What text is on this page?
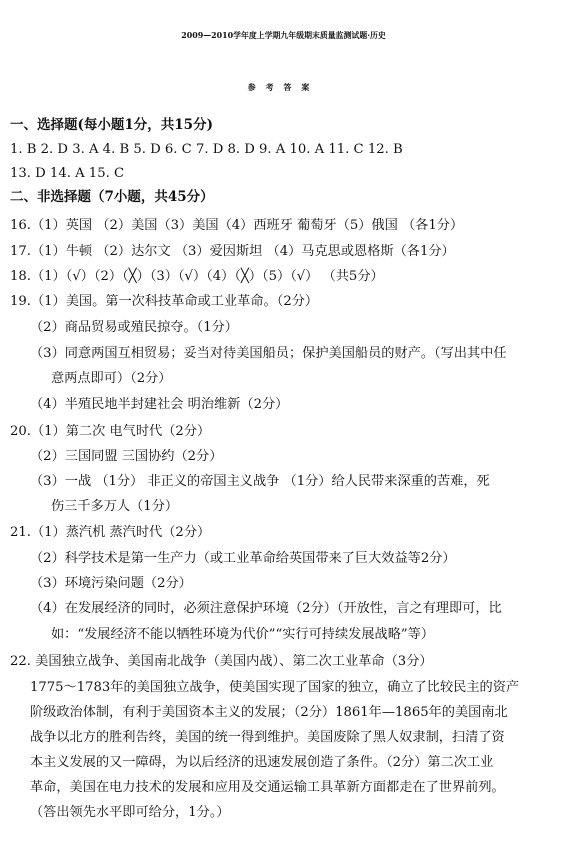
2009—2010学年度上学期九年级期末质量监测试题·历史
参考答案
一、选择题(每小题1分，共15分)
1. B 2. D 3. A 4. B 5. D 6. C 7. D 8. D 9. A 10. A 11. C 12. B
13. D 14. A 15. C
二、非选择题（7小题，共45分）
16.（1）英国 （2）美国（3）美国（4）西班牙 葡萄牙（5）俄国 （各1分）
17.（1）牛顿 （2）达尔文 （3）爱因斯坦 （4）马克思或恩格斯（各1分）
18.（1）（√）（2）（╳）（3）（√）（4）（╳）（5）（√） （共5分）
19.（1）美国。第一次科技革命或工业革命。（2分）
（2）商品贸易或殖民掠夺。（1分）
（3）同意两国互相贸易；妥当对待美国船员；保护美国船员的财产。（写出其中任
意两点即可）（2分）
（4）半殖民地半封建社会 明治维新（2分）
20.（1）第二次 电气时代（2分）
（2）三国同盟 三国协约（2分）
（3）一战 （1分） 非正义的帝国主义战争 （1分）给人民带来深重的苦难，死
伤三千多万人（1分）
21.（1）蒸汽机 蒸汽时代（2分）
（2）科学技术是第一生产力（或工业革命给英国带来了巨大效益等2分）
（3）环境污染问题（2分）
（4）在发展经济的同时，必须注意保护环境（2分）（开放性，言之有理即可，比
如：“发展经济不能以牺牲环境为代价”“实行可持续发展战略”等）
22. 美国独立战争、美国南北战争（美国内战）、第二次工业革命（3分）
1775～1783年的美国独立战争，使美国实现了国家的独立，确立了比较民主的资产
阶级政治体制，有利于美国资本主义的发展；（2分）1861年—1865年的美国南北
战争以北方的胜利告终，美国的统一得到维护。美国废除了黑人奴隶制，扫清了资
本主义发展的又一障碍，为以后经济的迅速发展创造了条件。（2分）第二次工业
革命，美国在电力技术的发展和应用及交通运输工具革新方面都走在了世界前列。
（答出领先水平即可给分，1分。）
